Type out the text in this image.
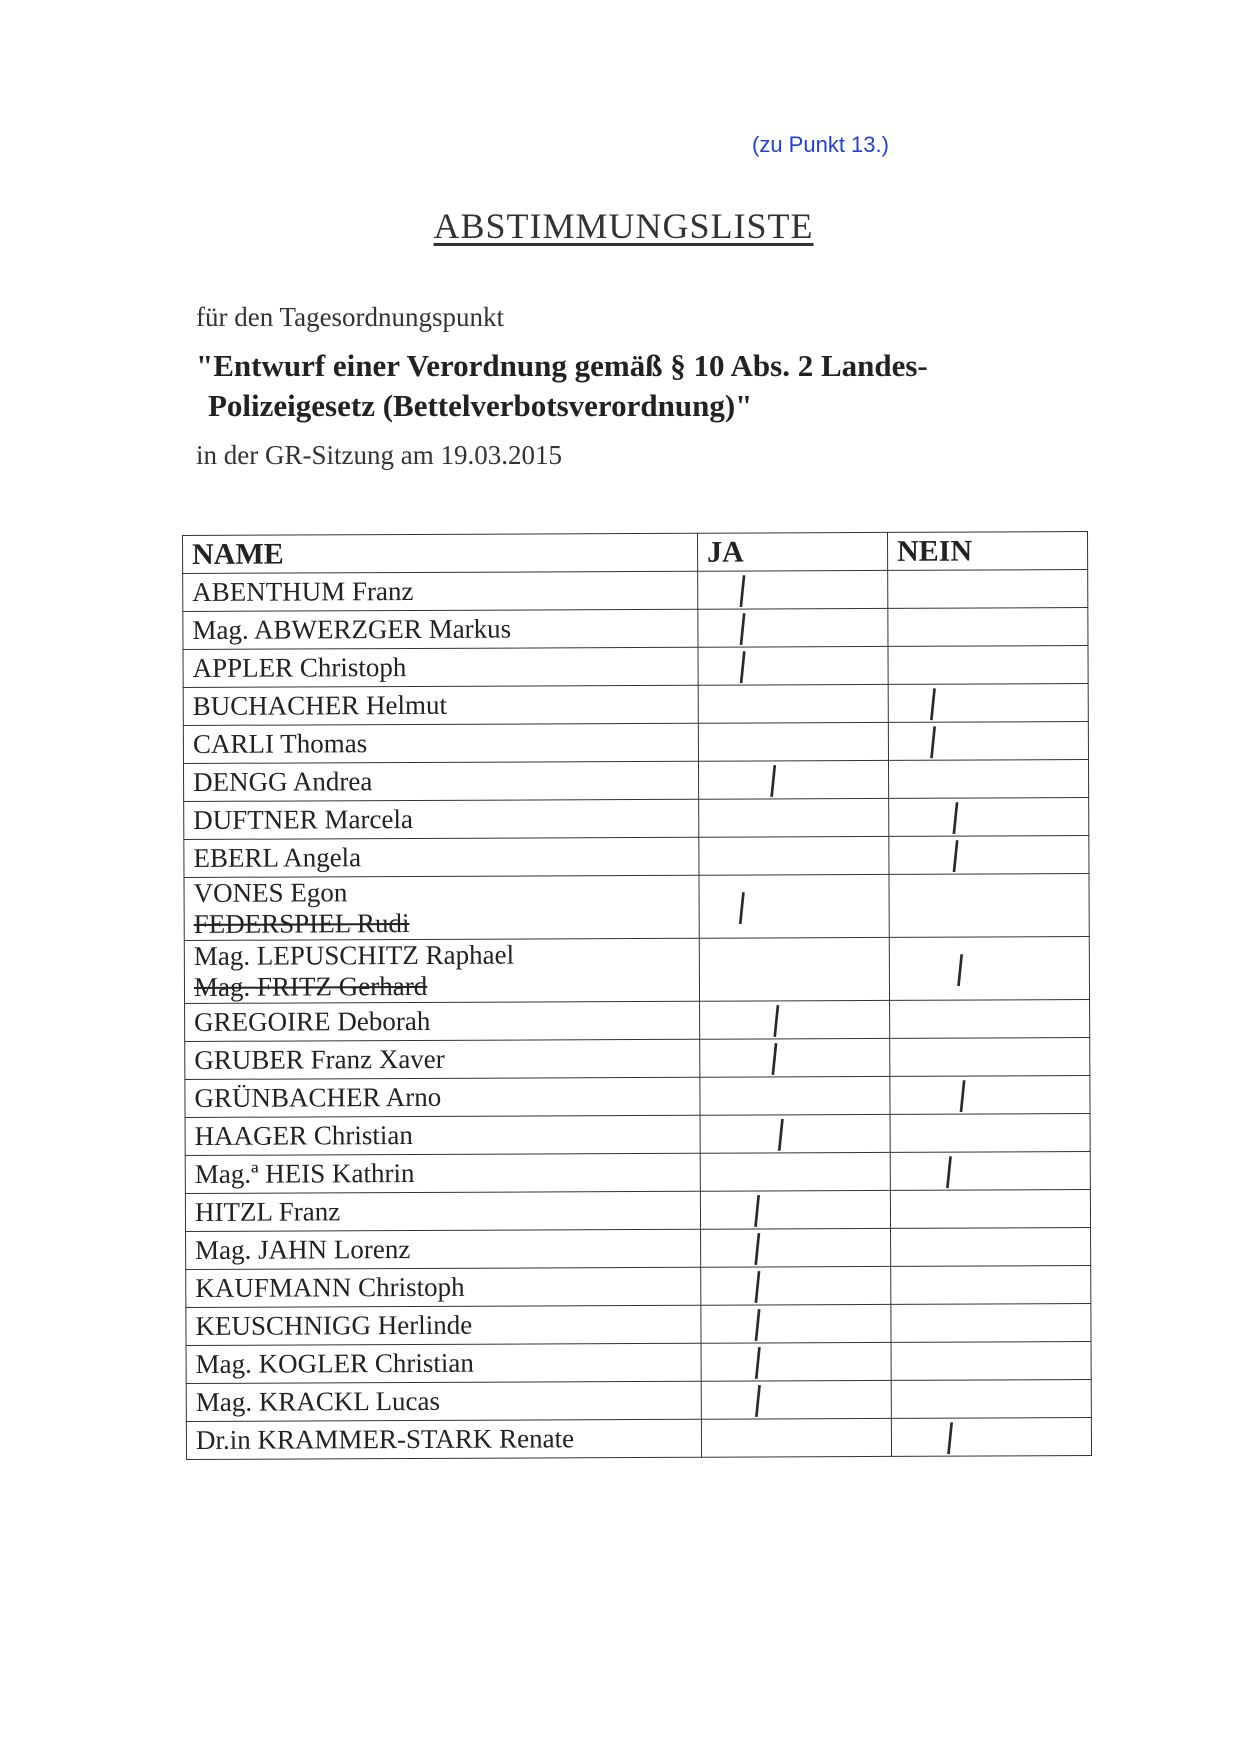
(zu Punkt 13.)
ABSTIMMUNGSLISTE
für den Tagesordnungspunkt
"Entwurf einer Verordnung gemäß § 10 Abs. 2 Landes-
Polizeigesetz (Bettelverbotsverordnung)"
in der GR-Sitzung am 19.03.2015
NAME	JA	NEIN

ABENTHUM Franz	|	

Mag. ABWERZGER Markus	|	

APPLER Christoph	|	

BUCHACHER Helmut		|

CARLI Thomas		|

DENGG Andrea	|	

DUFTNER Marcela		|

EBERL Angela		|

VONES Egon
FEDERSPIEL Rudi	|	

Mag. LEPUSCHITZ Raphael
Mag. FRITZ Gerhard		|

GREGOIRE Deborah	|	

GRUBER Franz Xaver	|	

GRÜNBACHER Arno		|

HAAGER Christian	|	

Mag.ª HEIS Kathrin		|

HITZL Franz	|	

Mag. JAHN Lorenz	|	

KAUFMANN Christoph	|	

KEUSCHNIGG Herlinde	|	

Mag. KOGLER Christian	|	

Mag. KRACKL Lucas	|	

Dr.in KRAMMER-STARK Renate		|
